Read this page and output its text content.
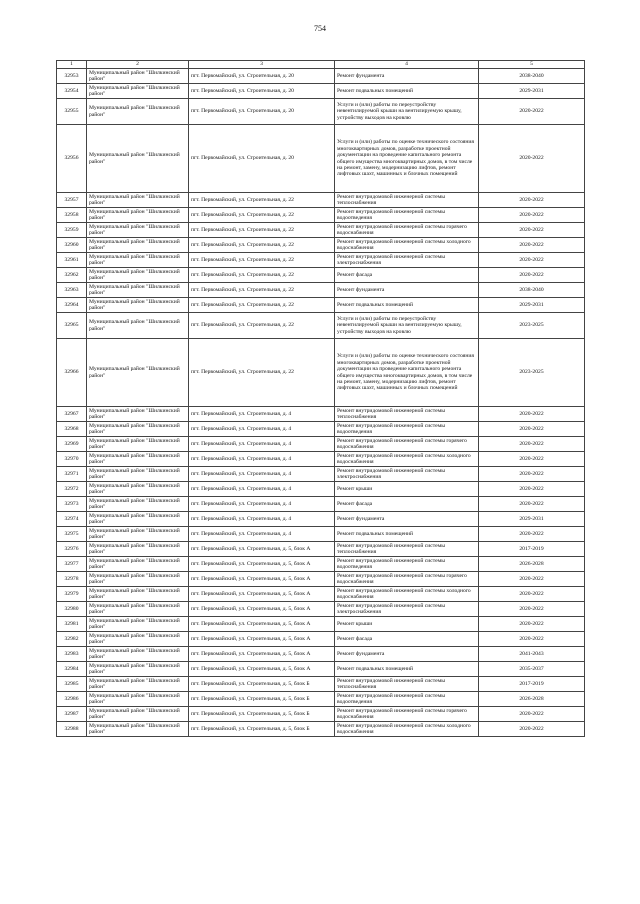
754
1	2	3	4	5
32953	Муниципальный район "Шилкинский район"	пгт. Первомайский, ул. Строительная, д. 20	Ремонт фундамента	2038-2040
32954	Муниципальный район "Шилкинский район"	пгт. Первомайский, ул. Строительная, д. 20	Ремонт подвальных помещений	2029-2031
32955	Муниципальный район "Шилкинский район"	пгт. Первомайский, ул. Строительная, д. 20	Услуги и (или) работы по переустройству невентилируемой крыши на вентилируемую крышу, устройству выходов на кровлю	2020-2022
32956	Муниципальный район "Шилкинский район"	пгт. Первомайский, ул. Строительная, д. 20	Услуги и (или) работы по оценке технического состояния многоквартирных домов, разработке проектной документации на проведение капитального ремонта общего имущества многоквартирных домов, в том числе на ремонт, замену, модернизацию лифтов, ремонт лифтовых шахт, машинных и блочных помещений	2020-2022
32957	Муниципальный район "Шилкинский район"	пгт. Первомайский, ул. Строительная, д. 22	Ремонт внутридомовой инженерной системы теплоснабжения	2020-2022
32958	Муниципальный район "Шилкинский район"	пгт. Первомайский, ул. Строительная, д. 22	Ремонт внутридомовой инженерной системы водоотведения	2020-2022
32959	Муниципальный район "Шилкинский район"	пгт. Первомайский, ул. Строительная, д. 22	Ремонт внутридомовой инженерной системы горячего водоснабжения	2020-2022
32960	Муниципальный район "Шилкинский район"	пгт. Первомайский, ул. Строительная, д. 22	Ремонт внутридомовой инженерной системы холодного водоснабжения	2020-2022
32961	Муниципальный район "Шилкинский район"	пгт. Первомайский, ул. Строительная, д. 22	Ремонт внутридомовой инженерной системы электроснабжения	2020-2022
32962	Муниципальный район "Шилкинский район"	пгт. Первомайский, ул. Строительная, д. 22	Ремонт фасада	2020-2022
32963	Муниципальный район "Шилкинский район"	пгт. Первомайский, ул. Строительная, д. 22	Ремонт фундамента	2038-2040
32964	Муниципальный район "Шилкинский район"	пгт. Первомайский, ул. Строительная, д. 22	Ремонт подвальных помещений	2029-2031
32965	Муниципальный район "Шилкинский район"	пгт. Первомайский, ул. Строительная, д. 22	Услуги и (или) работы по переустройству невентилируемой крыши на вентилируемую крышу, устройству выходов на кровлю	2023-2025
32966	Муниципальный район "Шилкинский район"	пгт. Первомайский, ул. Строительная, д. 22	Услуги и (или) работы по оценке технического состояния многоквартирных домов, разработке проектной документации на проведение капитального ремонта общего имущества многоквартирных домов, в том числе на ремонт, замену, модернизацию лифтов, ремонт лифтовых шахт, машинных и блочных помещений	2023-2025
32967	Муниципальный район "Шилкинский район"	пгт. Первомайский, ул. Строительная, д. 4	Ремонт внутридомовой инженерной системы теплоснабжения	2020-2022
32968	Муниципальный район "Шилкинский район"	пгт. Первомайский, ул. Строительная, д. 4	Ремонт внутридомовой инженерной системы водоотведения	2020-2022
32969	Муниципальный район "Шилкинский район"	пгт. Первомайский, ул. Строительная, д. 4	Ремонт внутридомовой инженерной системы горячего водоснабжения	2020-2022
32970	Муниципальный район "Шилкинский район"	пгт. Первомайский, ул. Строительная, д. 4	Ремонт внутридомовой инженерной системы холодного водоснабжения	2020-2022
32971	Муниципальный район "Шилкинский район"	пгт. Первомайский, ул. Строительная, д. 4	Ремонт внутридомовой инженерной системы электроснабжения	2020-2022
32972	Муниципальный район "Шилкинский район"	пгт. Первомайский, ул. Строительная, д. 4	Ремонт крыши	2020-2022
32973	Муниципальный район "Шилкинский район"	пгт. Первомайский, ул. Строительная, д. 4	Ремонт фасада	2020-2022
32974	Муниципальный район "Шилкинский район"	пгт. Первомайский, ул. Строительная, д. 4	Ремонт фундамента	2029-2031
32975	Муниципальный район "Шилкинский район"	пгт. Первомайский, ул. Строительная, д. 4	Ремонт подвальных помещений	2020-2022
32976	Муниципальный район "Шилкинский район"	пгт. Первомайский, ул. Строительная, д. 5, блок А	Ремонт внутридомовой инженерной системы теплоснабжения	2017-2019
32977	Муниципальный район "Шилкинский район"	пгт. Первомайский, ул. Строительная, д. 5, блок А	Ремонт внутридомовой инженерной системы водоотведения	2026-2028
32978	Муниципальный район "Шилкинский район"	пгт. Первомайский, ул. Строительная, д. 5, блок А	Ремонт внутридомовой инженерной системы горячего водоснабжения	2020-2022
32979	Муниципальный район "Шилкинский район"	пгт. Первомайский, ул. Строительная, д. 5, блок А	Ремонт внутридомовой инженерной системы холодного водоснабжения	2020-2022
32980	Муниципальный район "Шилкинский район"	пгт. Первомайский, ул. Строительная, д. 5, блок А	Ремонт внутридомовой инженерной системы электроснабжения	2020-2022
32981	Муниципальный район "Шилкинский район"	пгт. Первомайский, ул. Строительная, д. 5, блок А	Ремонт крыши	2020-2022
32982	Муниципальный район "Шилкинский район"	пгт. Первомайский, ул. Строительная, д. 5, блок А	Ремонт фасада	2020-2022
32983	Муниципальный район "Шилкинский район"	пгт. Первомайский, ул. Строительная, д. 5, блок А	Ремонт фундамента	2041-2043
32984	Муниципальный район "Шилкинский район"	пгт. Первомайский, ул. Строительная, д. 5, блок А	Ремонт подвальных помещений	2035-2037
32985	Муниципальный район "Шилкинский район"	пгт. Первомайский, ул. Строительная, д. 5, блок Б	Ремонт внутридомовой инженерной системы теплоснабжения	2017-2019
32986	Муниципальный район "Шилкинский район"	пгт. Первомайский, ул. Строительная, д. 5, блок Б	Ремонт внутридомовой инженерной системы водоотведения	2026-2028
32987	Муниципальный район "Шилкинский район"	пгт. Первомайский, ул. Строительная, д. 5, блок Б	Ремонт внутридомовой инженерной системы горячего водоснабжения	2020-2022
32988	Муниципальный район "Шилкинский район"	пгт. Первомайский, ул. Строительная, д. 5, блок Б	Ремонт внутридомовой инженерной системы холодного водоснабжения	2020-2022
